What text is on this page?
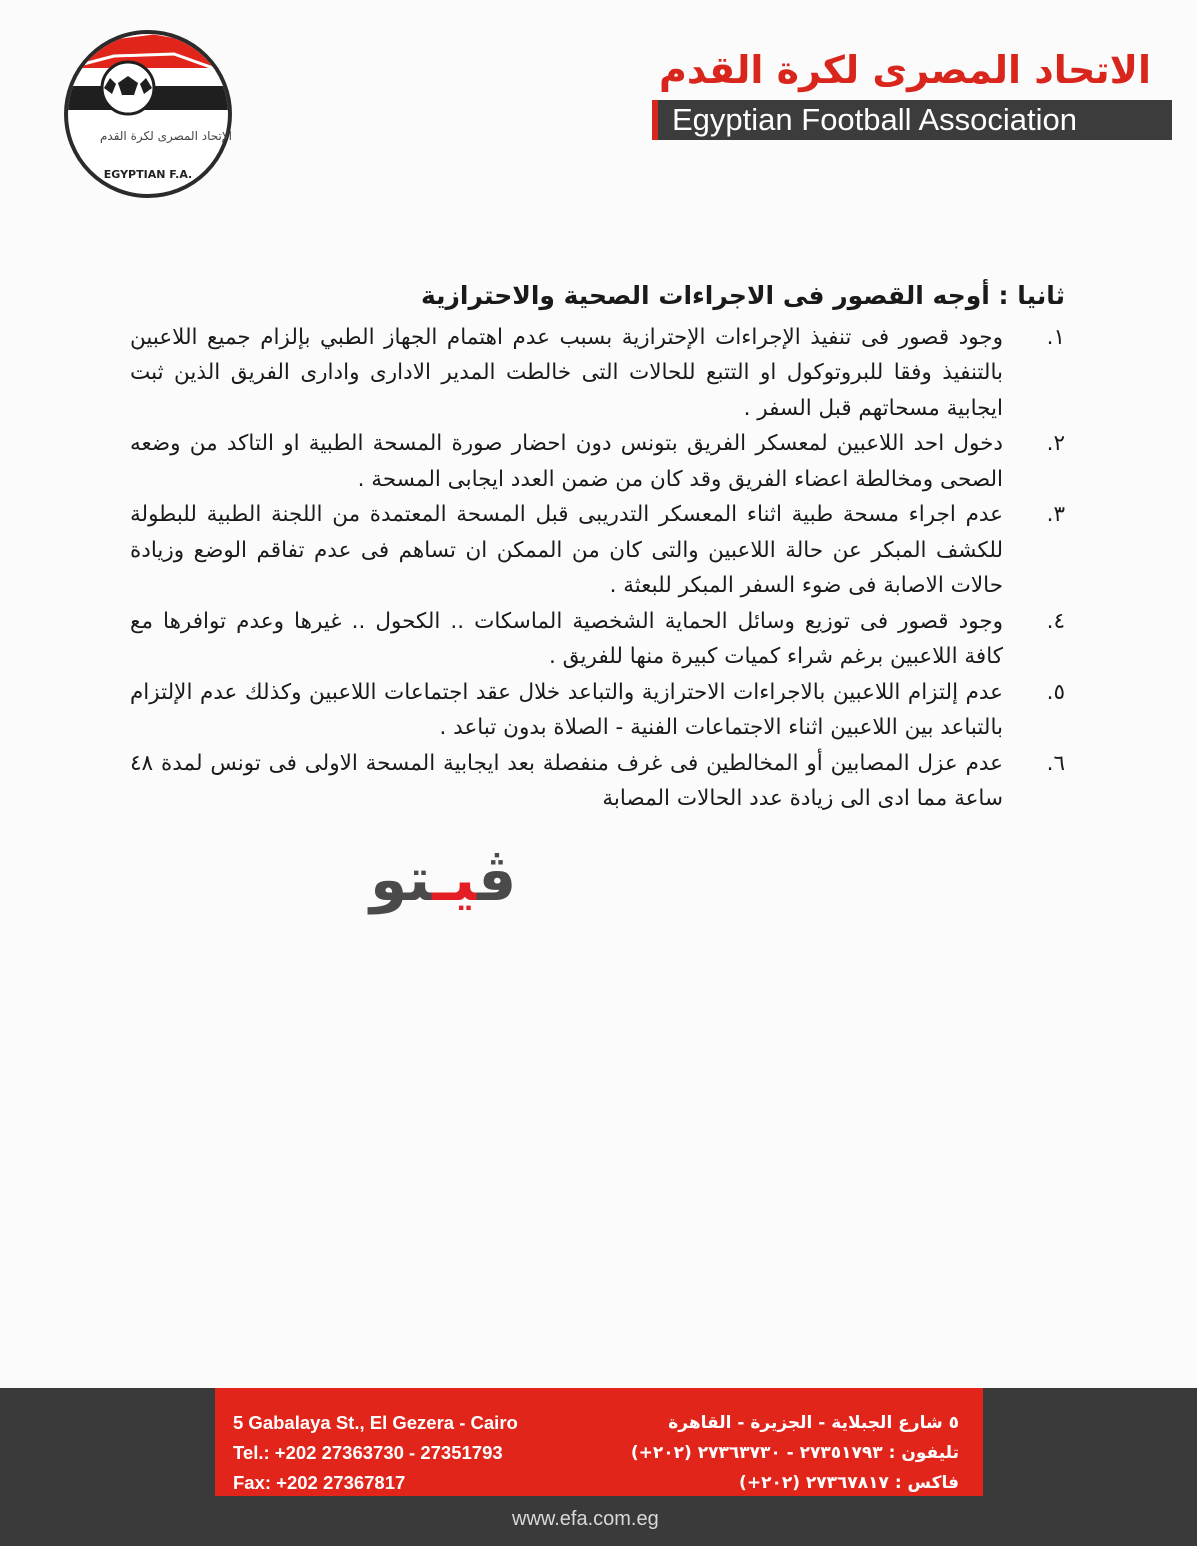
الإتحاد المصرى لكرة القدم
EGYPTIAN F.A.
الاتحاد المصرى لكرة القدم
Egyptian Football Association
ثانيا : أوجه القصور فى الاجراءات الصحية والاحترازية
١.
وجود قصور فى تنفيذ الإجراءات الإحترازية بسبب عدم اهتمام الجهاز الطبي بإلزام جميع اللاعبين بالتنفيذ وفقا للبروتوكول او التتبع للحالات التى خالطت المدير الادارى وادارى الفريق الذين ثبت ايجابية مسحاتهم قبل السفر .
٢.
دخول احد اللاعبين لمعسكر الفريق بتونس دون احضار صورة المسحة الطبية او التاكد من وضعه الصحى ومخالطة اعضاء الفريق وقد كان من ضمن العدد ايجابى المسحة .
٣.
عدم اجراء مسحة طبية اثناء المعسكر التدريبى قبل المسحة المعتمدة من اللجنة الطبية للبطولة للكشف المبكر عن حالة اللاعبين والتى كان من الممكن ان تساهم فى عدم تفاقم الوضع وزيادة حالات الاصابة فى ضوء السفر المبكر للبعثة .
٤.
وجود قصور فى توزيع وسائل الحماية الشخصية الماسكات .. الكحول .. غيرها وعدم توافرها مع كافة اللاعبين برغم شراء كميات كبيرة منها للفريق .
٥.
عدم إلتزام اللاعبين بالاجراءات الاحترازية والتباعد خلال عقد اجتماعات اللاعبين وكذلك عدم الإلتزام بالتباعد بين اللاعبين اثناء الاجتماعات الفنية - الصلاة بدون تباعد .
٦.
عدم عزل المصابين أو المخالطين فى غرف منفصلة بعد ايجابية المسحة الاولى فى تونس لمدة ٤٨ ساعة مما ادى الى زيادة عدد الحالات المصابة
ڤيـتو
5 Gabalaya St., El Gezera - Cairo
Tel.: +202 27363730 - 27351793
Fax: +202 27367817
٥ شارع الجبلاية - الجزيرة - القاهرة
تليفون : ٢٧٣٥١٧٩٣ - ٢٧٣٦٣٧٣٠ (٢٠٢+)
فاكس : ٢٧٣٦٧٨١٧ (٢٠٢+)
www.efa.com.eg
